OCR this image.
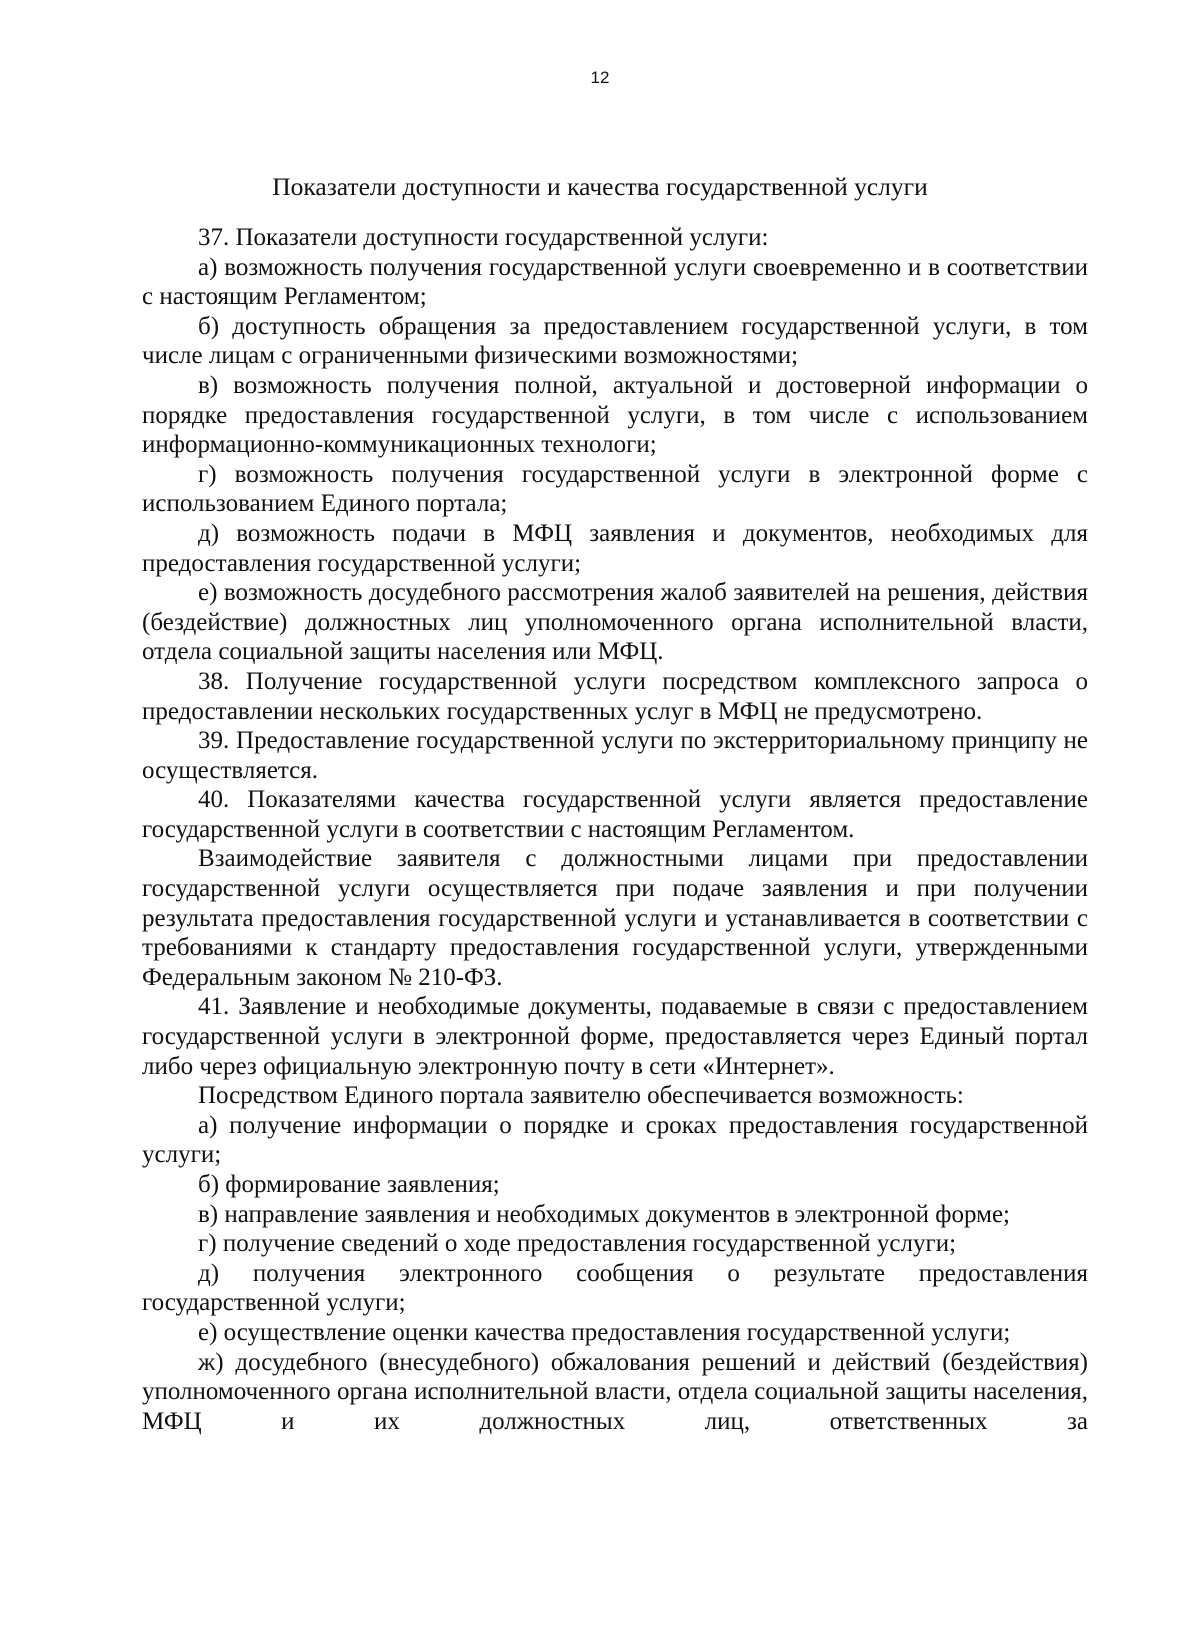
12
Показатели доступности и качества государственной услуги

37. Показатели доступности государственной услуги:

а) возможность получения государственной услуги своевременно и в соответствии с настоящим Регламентом;

б) доступность обращения за предоставлением государственной услуги, в том числе лицам с ограниченными физическими возможностями;

в) возможность получения полной, актуальной и достоверной информации о порядке предоставления государственной услуги, в том числе с использованием информационно-коммуникационных технологи;

г) возможность получения государственной услуги в электронной форме с использованием Единого портала;

д) возможность подачи в МФЦ заявления и документов, необходимых для предоставления государственной услуги;

е) возможность досудебного рассмотрения жалоб заявителей на решения, действия (бездействие) должностных лиц уполномоченного органа исполнительной власти, отдела социальной защиты населения или МФЦ.

38. Получение государственной услуги посредством комплексного запроса о предоставлении нескольких государственных услуг в МФЦ не предусмотрено.

39. Предоставление государственной услуги по экстерриториальному принципу не осуществляется.

40. Показателями качества государственной услуги является предоставление государственной услуги в соответствии с настоящим Регламентом.

Взаимодействие заявителя с должностными лицами при предоставлении государственной услуги осуществляется при подаче заявления и при получении результата предоставления государственной услуги и устанавливается в соответствии с требованиями к стандарту предоставления государственной услуги, утвержденными Федеральным законом № 210-ФЗ.

41. Заявление и необходимые документы, подаваемые в связи с предоставлением государственной услуги в электронной форме, предоставляется через Единый портал либо через официальную электронную почту в сети «Интернет».

Посредством Единого портала заявителю обеспечивается возможность:

а) получение информации о порядке и сроках предоставления государственной услуги;

б) формирование заявления;

в) направление заявления и необходимых документов в электронной форме;

г) получение сведений о ходе предоставления государственной услуги;

д) получения электронного сообщения о результате предоставления государственной услуги;

е) осуществление оценки качества предоставления государственной услуги;

ж) досудебного (внесудебного) обжалования решений и действий (бездействия) уполномоченного органа исполнительной власти, отдела социальной защиты населения, МФЦ и их должностных лиц, ответственных за
